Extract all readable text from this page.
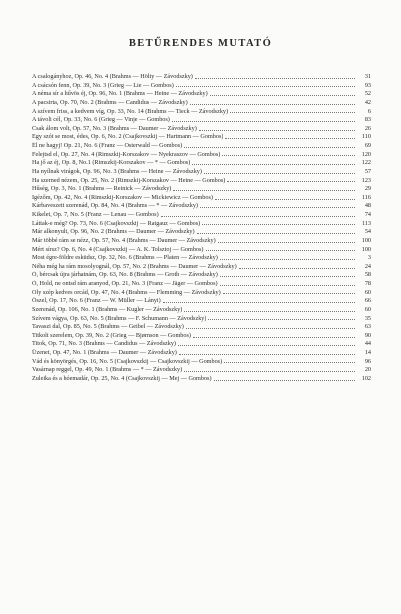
BETŰRENDES MUTATÓ
A csalogányhoz, Op. 46, No. 4 (Brahms — Hölty — Závodszky)	31
A csácsón fenn, Op. 39, No. 3 (Grieg — Lie — Gombos)	93
A néma sír a hűvös éj, Op. 96, No. 1 (Brahms — Heine — Závodszky)	52
A pacsirta, Op. 70, No. 2 (Brahms — Candidus — Závodszky)	42
A szívem friss, a kedvem víg, Op. 33, No. 14 (Brahms — Tieck — Závodszky)	6
A távoli cél, Op. 33, No. 6 (Grieg — Vinje — Gombos)	83
Csak álom volt, Op. 57, No. 3 (Brahms — Daumer — Závodszky)	26
Egy szót se most, édes, Op. 6, No. 2 (Csajkovszkij — Hartmann — Gombos)	110
Él ne hagyj! Op. 21, No. 6 (Franz — Osterwald — Gombos)	69
Felejtsd el, Op. 27, No. 4 (Rimszkij-Korszakov — Nyekraszov — Gombos)	120
Ha jő az éj, Op. 8, No.1 (Rimszkij-Korszakov — * — Gombos)	122
Ha nyílnak virágok, Op. 96, No. 3 (Brahms — Heine — Závodszky)	57
Ha szerned nézem, Op. 25, No. 2 (Rimszkij-Korszakov — Heine — Gombos)	123
Hűség, Op. 3, No. 1 (Brahms — Reinick — Závodszky)	29
Igézőm, Op. 42, No. 4 (Rimszkij-Korszakov — Mickiewicz — Gombos)	116
Kárbaveszett szerenád, Op. 84, No. 4 (Brahms — * — Závodszky)	48
Kikelet, Op. 7, No. 5 (Franz — Lenau — Gombos)	74
Láttak-e még? Op. 73, No. 6 (Csajkovszkij — Ratgauz — Gombos)	113
Már alkonyult, Op. 96, No. 2 (Brahms — Daumer — Závodszky)	54
Már többé rám se nézz, Op. 57, No. 4 (Brahms — Daumer — Závodszky)	100
Mért sírsz? Op. 6, No. 4 (Csajkovszkij — A. K. Tolsztoj — Gombos)	100
Most égre-földre esküdsz, Op. 32, No. 6 (Brahms — Platen — Závodszky)	3
Néha még ha rám mosolyognál, Op. 57, No. 2 (Brahms — Daumer — Závodszky)	24
Ó, bércsak újra járhatnám, Op. 63, No. 8 (Brahms — Groth — Závodszky)	58
Ó, Hold, ne ontsd rám aranyod, Op. 21, No. 3 (Franz — Jäger — Gombos)	78
Oly szép kedves orcád, Op. 47, No. 4 (Brahms — Flemming — Závodszky)	60
Őszel, Op. 17, No. 6 (Franz — W. Müller — Lányi)	66
Szerenád, Op. 106, No. 1 (Brahms — Kugler — Závodszky)	60
Szívem vágya, Op. 63, No. 5 (Brahms — F. Schumann — Závodszky)	35
Tavaszi dal, Op. 85, No. 5 (Brahms — Geibel — Závodszky)	63
Titkolt szerelem, Op. 39, No. 2 (Grieg — Bjørnson — Gombos)	90
Titok, Op. 71, No. 3 (Brahms — Candidus — Závodszky)	44
Üzenet, Op. 47, No. 1 (Brahms — Daumer — Závodszky)	14
Vád és könyörgés, Op. 16, No. 5 (Csajkovszkij — Csajkovszkij — Gombos)	96
Vasárnap reggel, Op. 49, No. 1 (Brahms — * — Závodszky)	20
Zuleika és a hóemadár, Op. 25, No. 4 (Csajkovszkij — Mej — Gombos)	102
